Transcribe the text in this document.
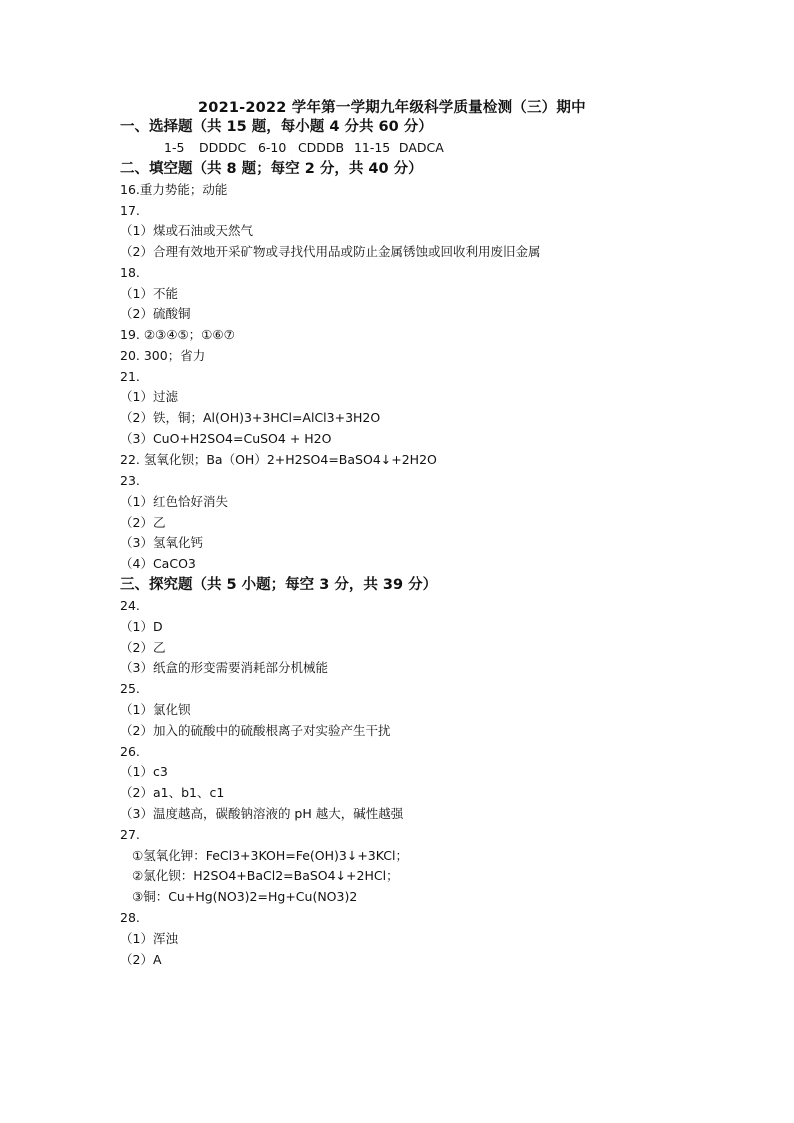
2021-2022 学年第一学期九年级科学质量检测（三）期中
一、选择题（共 15 题，每小题 4 分共 60 分）
1-5 DDDDC 6-10 CDDDB 11-15 DADCA
二、填空题（共 8 题；每空 2 分，共 40 分）
16.重力势能；动能
17.
（1）煤或石油或天然气
（2）合理有效地开采矿物或寻找代用品或防止金属锈蚀或回收利用废旧金属
18.
（1）不能
（2）硫酸铜
19. ②③④⑤；①⑥⑦
20. 300；省力
21.
（1）过滤
（2）铁，铜；Al(OH)3+3HCl=AlCl3+3H2O
（3）CuO+H2SO4=CuSO4 + H2O
22. 氢氧化钡；Ba（OH）2+H2SO4=BaSO4↓+2H2O
23.
（1）红色恰好消失
（2）乙
（3）氢氧化钙
（4）CaCO3
三、探究题（共 5 小题；每空 3 分，共 39 分）
24.
（1）D
（2）乙
（3）纸盒的形变需要消耗部分机械能
25.
（1）氯化钡
（2）加入的硫酸中的硫酸根离子对实验产生干扰
26.
（1）c3
（2）a1、b1、c1
（3）温度越高，碳酸钠溶液的 pH 越大，碱性越强
27.
①氢氧化钾：FeCl3+3KOH=Fe(OH)3↓+3KCl；
②氯化钡：H2SO4+BaCl2=BaSO4↓+2HCl；
③铜：Cu+Hg(NO3)2=Hg+Cu(NO3)2
28.
（1）浑浊
（2）A
